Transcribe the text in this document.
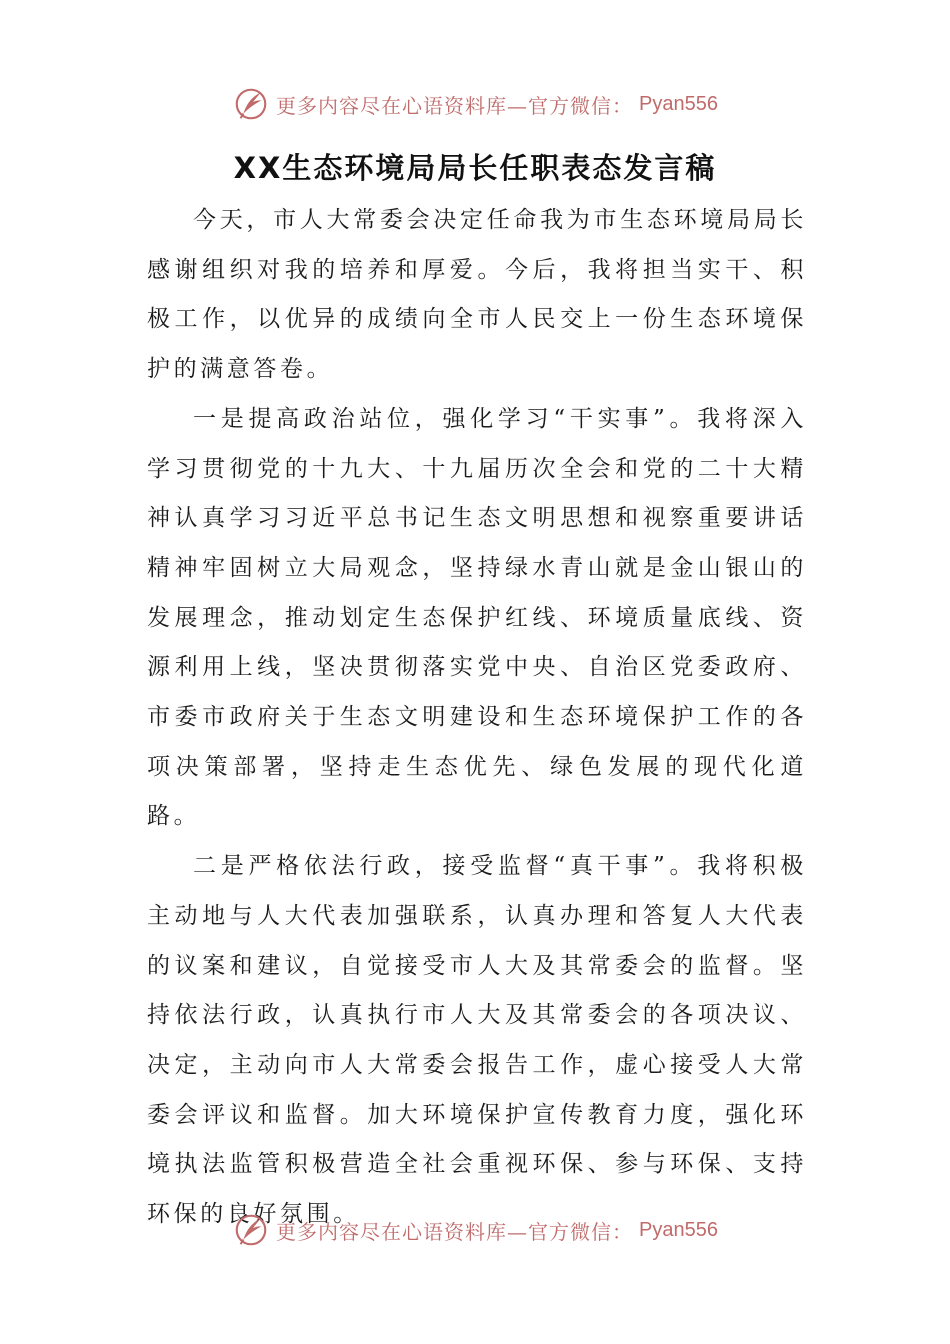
更多内容尽在心语资料库—官方微信： Pyan556
XX生态环境局局长任职表态发言稿

今天，市人大常委会决定任命我为市生态环境局局长感谢组织对我的培养和厚爱。今后，我将担当实干、积极工作，以优异的成绩向全市人民交上一份生态环境保护的满意答卷。

一是提高政治站位，强化学习“干实事”。我将深入学习贯彻党的十九大、十九届历次全会和党的二十大精神认真学习习近平总书记生态文明思想和视察重要讲话精神牢固树立大局观念，坚持绿水青山就是金山银山的发展理念，推动划定生态保护红线、环境质量底线、资源利用上线，坚决贯彻落实党中央、自治区党委政府、市委市政府关于生态文明建设和生态环境保护工作的各项决策部署，坚持走生态优先、绿色发展的现代化道路。

二是严格依法行政，接受监督“真干事”。我将积极主动地与人大代表加强联系，认真办理和答复人大代表的议案和建议，自觉接受市人大及其常委会的监督。坚持依法行政，认真执行市人大及其常委会的各项决议、决定，主动向市人大常委会报告工作，虚心接受人大常委会评议和监督。加大环境保护宣传教育力度，强化环境执法监管积极营造全社会重视环保、参与环保、支持环保的良好氛围。

更多内容尽在心语资料库—官方微信： Pyan556
